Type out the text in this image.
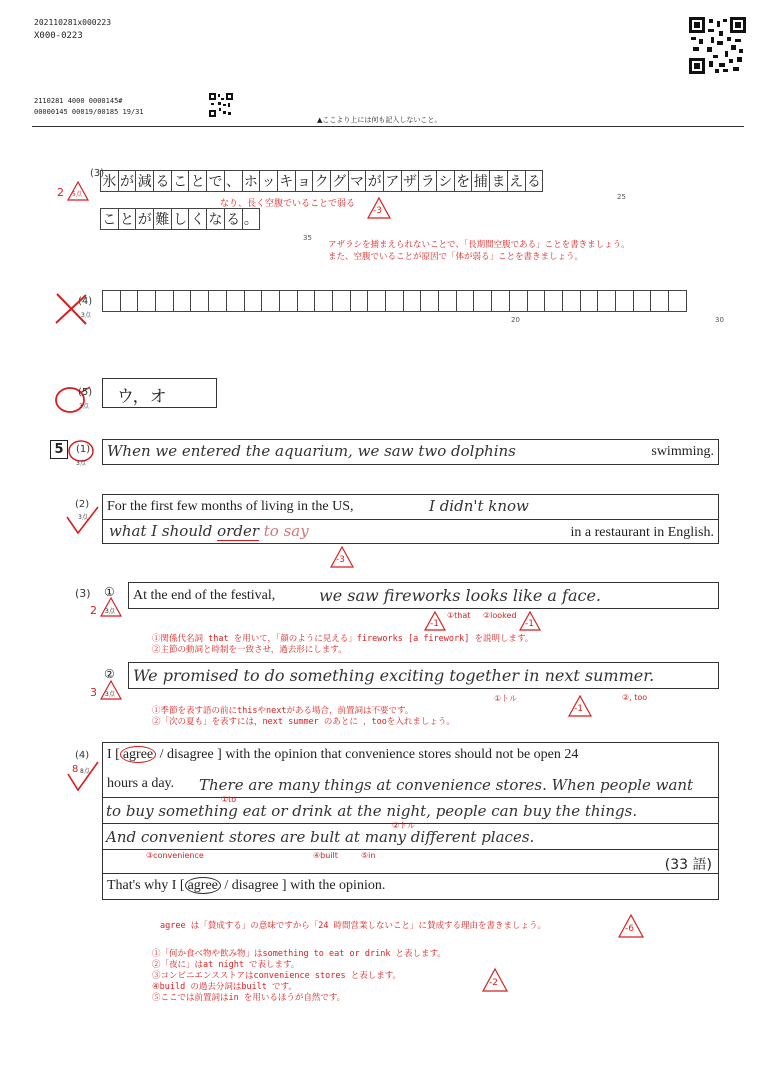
202110281x000223
X000-0223
2110281 4000 0000145#
00000145 00019/00185 19/31
▲ここより上には何も記入しないこと。
(3)
2 5点
氷 が 減 る こ と で 、 ホ ッ キ ョ ク グ マ が ア ザ ラ シ を 捕 ま え る
25
なり、長く空腹でいることで弱る
こ と が 難 し く な る 。
35
-3
アザラシを捕まえられないことで、「長期間空腹である」ことを書きましょう。
また、空腹でいることが原因で「体が弱る」ことを書きましょう。
(4)
3点
20	30
(5)
3点 ウ，オ
5	(1)
3点
When we entered the aquarium, we saw two dolphins	swimming.
(2)
3点
For the first few months of living in the US,	I didn't know
what I should order to say	in a restaurant in English.
-3
(3) ①
2 3点
At the end of the festival,	we saw fireworks looks like a face.
-1
①that ②looked
-1
①関係代名詞 that を用いて，「顔のように見える」fireworks [a firework] を説明します。
②主節の動詞と時制を一致させ，過去形にします。
②
3 3点
We promised to do something exciting together in next summer.
①トル
-1
②, too
①季節を表す語の前にthisやnextがある場合，前置詞は不要です。
②「次の夏も」を表すには，next summer のあとに ，tooを入れましょう。
(4)
8 8点
I [ agree / disagree ] with the opinion that convenience stores should not be open 24
hours a day. There are many things at convenience stores. When people want
to buy something eat or drink at the night, people can buy the things.
And convenient stores are bult at many different places.
(33 語)
That's why I [ agree / disagree ] with the opinion.
①to
②トル
③convenience	④built	⑤in
agree は「賛成する」の意味ですから「24 時間営業しないこと」に賛成する理由を書きましょう。	-6
①「何か食べ物や飲み物」はsomething to eat or drink と表します。
②「夜に」はat night で表します。
③コンビニエンスストアはconvenience stores と表します。
④build の過去分詞はbuilt です。
⑤ここでは前置詞はin を用いるほうが自然です。
-2
